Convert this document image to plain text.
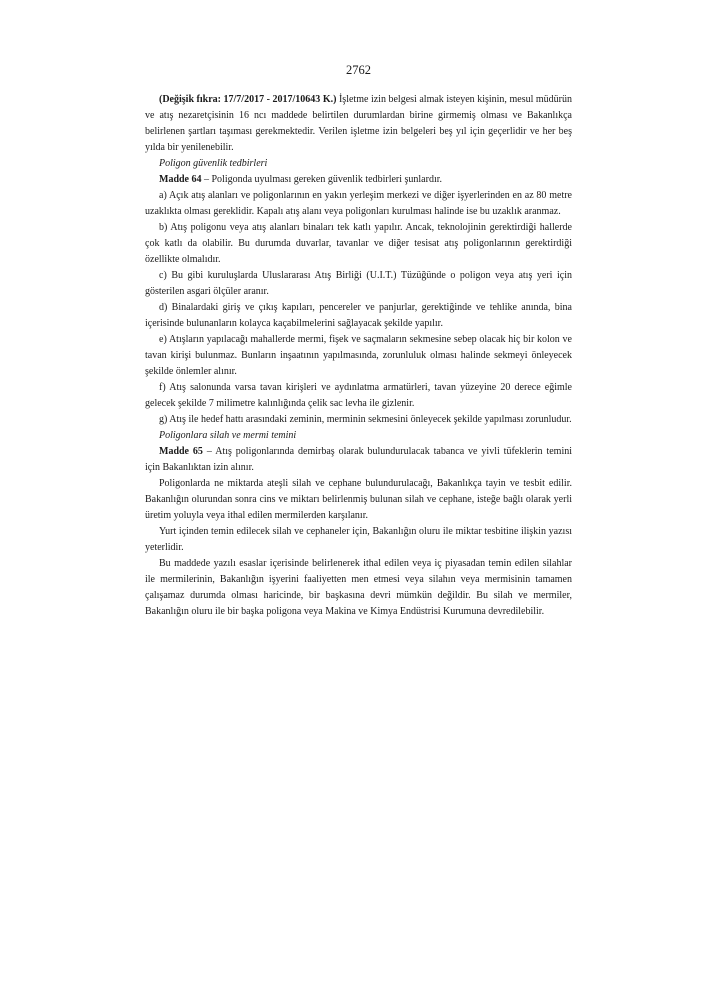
2762

(Değişik fıkra: 17/7/2017 - 2017/10643 K.) İşletme izin belgesi almak isteyen kişinin, mesul müdürün ve atış nezaretçisinin 16 ncı maddede belirtilen durumlardan birine girmemiş olması ve Bakanlıkça belirlenen şartları taşıması gerekmektedir. Verilen işletme izin belgeleri beş yıl için geçerlidir ve her beş yılda bir yenilenebilir.

Poligon güvenlik tedbirleri

Madde 64 – Poligonda uyulması gereken güvenlik tedbirleri şunlardır.

a) Açık atış alanları ve poligonlarının en yakın yerleşim merkezi ve diğer işyerlerinden en az 80 metre uzaklıkta olması gereklidir. Kapalı atış alanı veya poligonları kurulması halinde ise bu uzaklık aranmaz.

b) Atış poligonu veya atış alanları binaları tek katlı yapılır. Ancak, teknolojinin gerektirdiği hallerde çok katlı da olabilir. Bu durumda duvarlar, tavanlar ve diğer tesisat atış poligonlarının gerektirdiği özellikte olmalıdır.

c) Bu gibi kuruluşlarda Uluslararası Atış Birliği (U.I.T.) Tüzüğünde o poligon veya atış yeri için gösterilen asgari ölçüler aranır.

d) Binalardaki giriş ve çıkış kapıları, pencereler ve panjurlar, gerektiğinde ve tehlike anında, bina içerisinde bulunanların kolayca kaçabilmelerini sağlayacak şekilde yapılır.

e) Atışların yapılacağı mahallerde mermi, fişek ve saçmaların sekmesine sebep olacak hiç bir kolon ve tavan kirişi bulunmaz. Bunların inşaatının yapılmasında, zorunluluk olması halinde sekmeyi önleyecek şekilde önlemler alınır.

f) Atış salonunda varsa tavan kirişleri ve aydınlatma armatürleri, tavan yüzeyine 20 derece eğimle gelecek şekilde 7 milimetre kalınlığında çelik sac levha ile gizlenir.

g) Atış ile hedef hattı arasındaki zeminin, merminin sekmesini önleyecek şekilde yapılması zorunludur.

Poligonlara silah ve mermi temini

Madde 65 – Atış poligonlarında demirbaş olarak bulundurulacak tabanca ve yivli tüfeklerin temini için Bakanlıktan izin alınır.

Poligonlarda ne miktarda ateşli silah ve cephane bulundurulacağı, Bakanlıkça tayin ve tesbit edilir. Bakanlığın olurundan sonra cins ve miktarı belirlenmiş bulunan silah ve cephane, isteğe bağlı olarak yerli üretim yoluyla veya ithal edilen mermilerden karşılanır.

Yurt içinden temin edilecek silah ve cephaneler için, Bakanlığın oluru ile miktar tesbitine ilişkin yazısı yeterlidir.

Bu maddede yazılı esaslar içerisinde belirlenerek ithal edilen veya iç piyasadan temin edilen silahlar ile mermilerinin, Bakanlığın işyerini faaliyetten men etmesi veya silahın veya mermisinin tamamen çalışamaz durumda olması haricinde, bir başkasına devri mümkün değildir. Bu silah ve mermiler, Bakanlığın oluru ile bir başka poligona veya Makina ve Kimya Endüstrisi Kurumuna devredilebilir.
